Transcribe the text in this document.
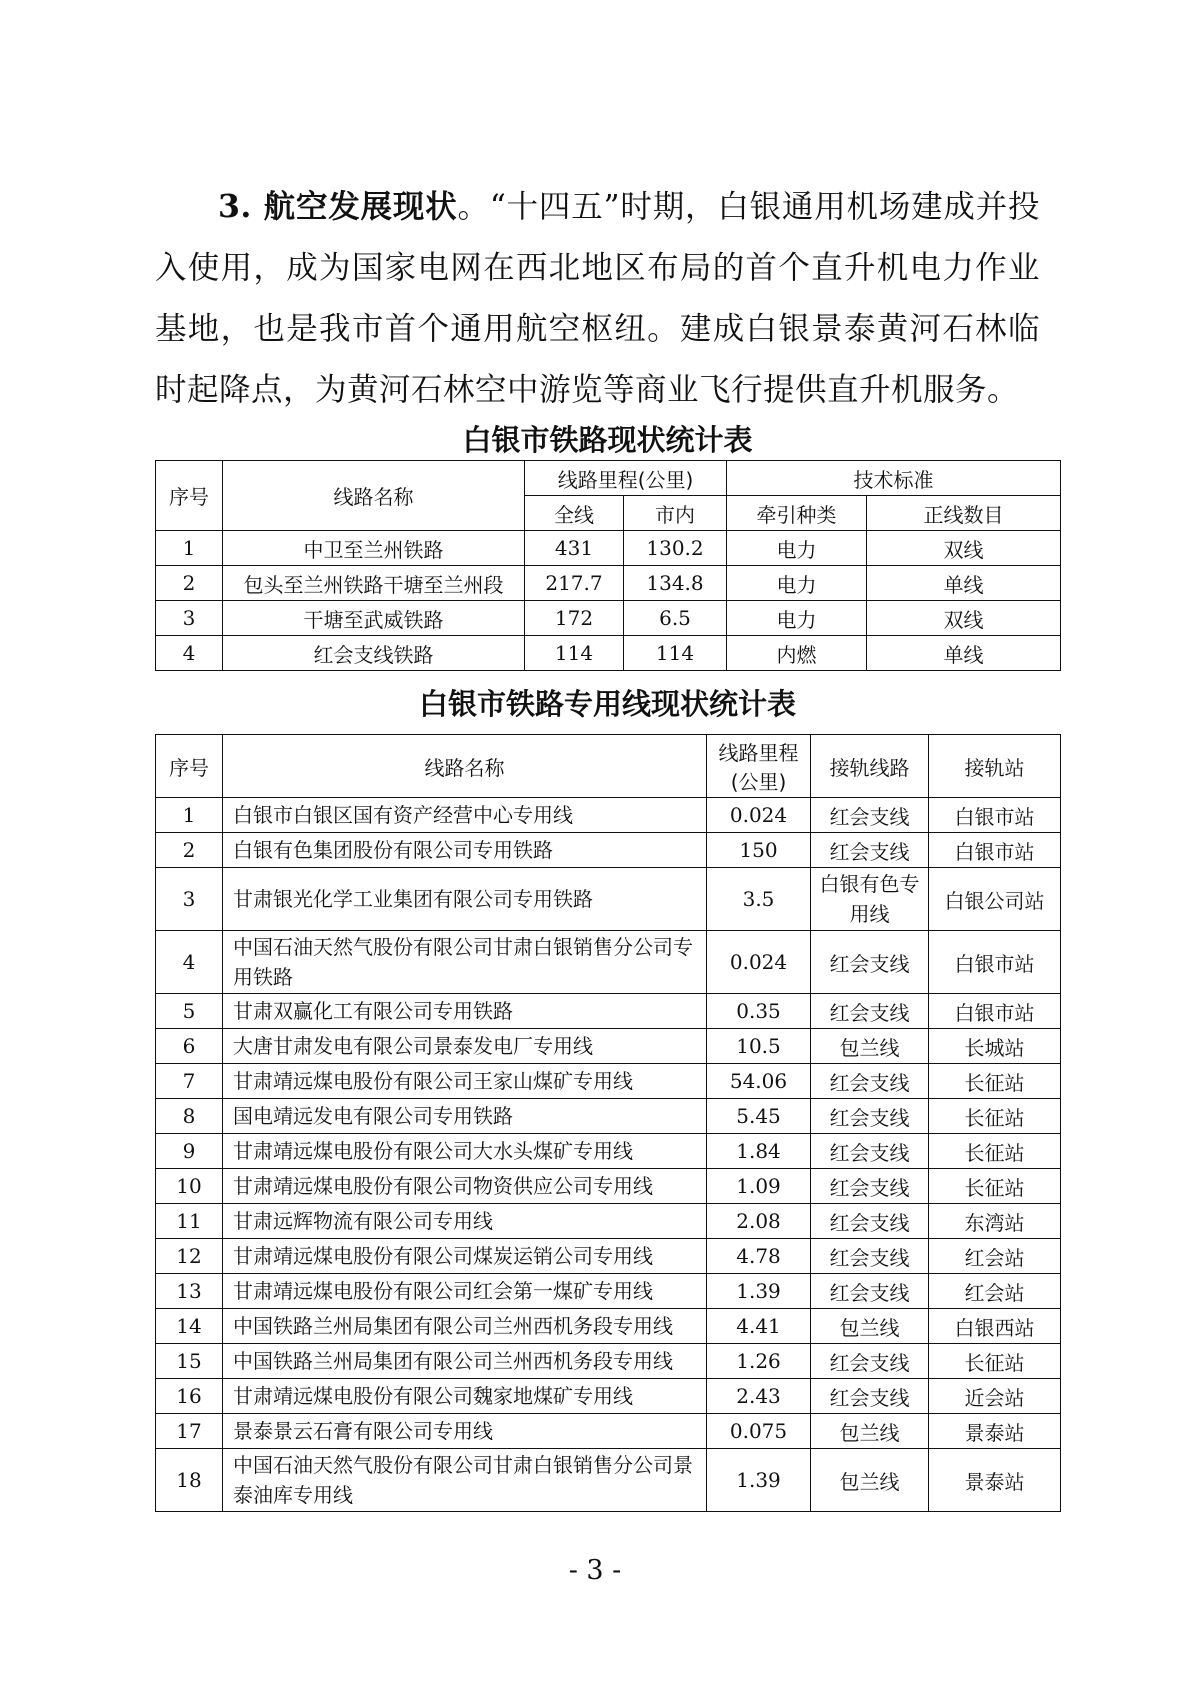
3. 航空发展现状。“十四五”时期，白银通用机场建成并投入使用，成为国家电网在西北地区布局的首个直升机电力作业基地，也是我市首个通用航空枢纽。建成白银景泰黄河石林临时起降点，为黄河石林空中游览等商业飞行提供直升机服务。

白银市铁路现状统计表
序号	线路名称	线路里程(公里)		技术标准	
		全线	市内	牵引种类	正线数目
1	中卫至兰州铁路	431	130.2	电力	双线
2	包头至兰州铁路干塘至兰州段	217.7	134.8	电力	单线
3	干塘至武威铁路	172	6.5	电力	双线
4	红会支线铁路	114	114	内燃	单线
白银市铁路专用线现状统计表
序号	线路名称	线路里程(公里)	接轨线路	接轨站
1	白银市白银区国有资产经营中心专用线	0.024	红会支线	白银市站
2	白银有色集团股份有限公司专用铁路	150	红会支线	白银市站
3	甘肃银光化学工业集团有限公司专用铁路	3.5	白银有色专用线	白银公司站
4	中国石油天然气股份有限公司甘肃白银销售分公司专用铁路	0.024	红会支线	白银市站
5	甘肃双赢化工有限公司专用铁路	0.35	红会支线	白银市站
6	大唐甘肃发电有限公司景泰发电厂专用线	10.5	包兰线	长城站
7	甘肃靖远煤电股份有限公司王家山煤矿专用线	54.06	红会支线	长征站
8	国电靖远发电有限公司专用铁路	5.45	红会支线	长征站
9	甘肃靖远煤电股份有限公司大水头煤矿专用线	1.84	红会支线	长征站
10	甘肃靖远煤电股份有限公司物资供应公司专用线	1.09	红会支线	长征站
11	甘肃远辉物流有限公司专用线	2.08	红会支线	东湾站
12	甘肃靖远煤电股份有限公司煤炭运销公司专用线	4.78	红会支线	红会站
13	甘肃靖远煤电股份有限公司红会第一煤矿专用线	1.39	红会支线	红会站
14	中国铁路兰州局集团有限公司兰州西机务段专用线	4.41	包兰线	白银西站
15	中国铁路兰州局集团有限公司兰州西机务段专用线	1.26	红会支线	长征站
16	甘肃靖远煤电股份有限公司魏家地煤矿专用线	2.43	红会支线	近会站
17	景泰景云石膏有限公司专用线	0.075	包兰线	景泰站
18	中国石油天然气股份有限公司甘肃白银销售分公司景泰油库专用线	1.39	包兰线	景泰站

- 3 -
